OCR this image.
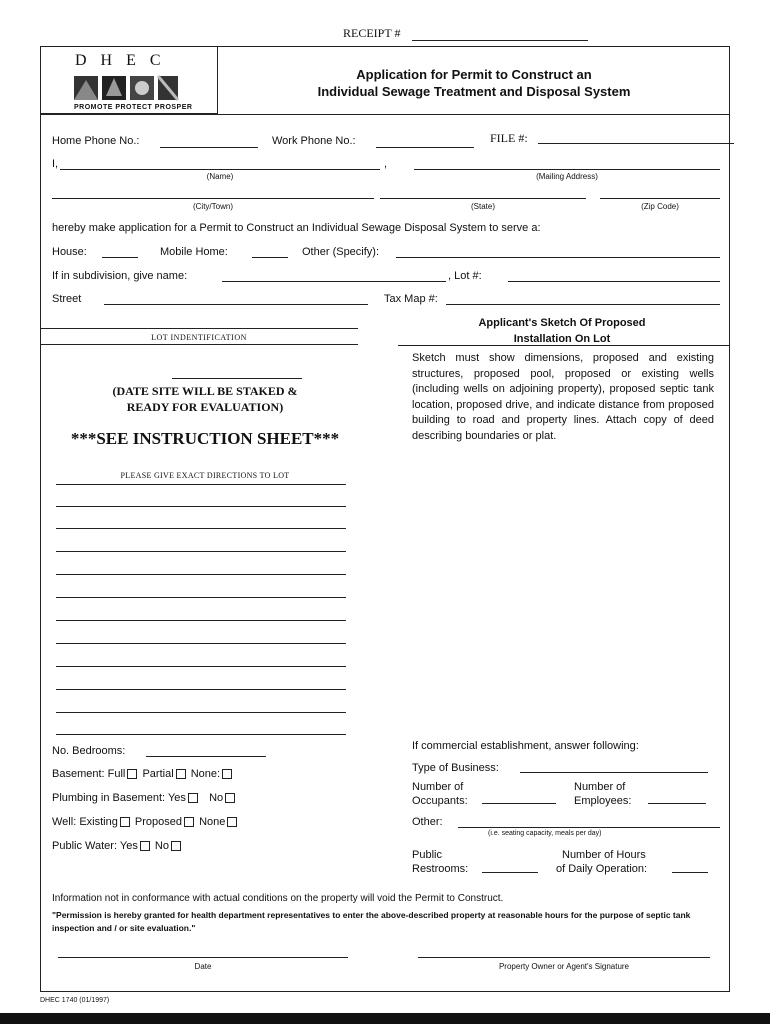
RECEIPT #
D H E C
PROMOTE PROTECT PROSPER
Application for Permit to Construct an
Individual Sewage Treatment and Disposal System
Home Phone No.:	Work Phone No.:	FILE #:
I,	,
(Name)	(Mailing Address)
(City/Town)	(State)	(Zip Code)
hereby make application for a Permit to Construct an Individual Sewage Disposal System to serve a:
House:	Mobile Home:	Other (Specify):
If in subdivision, give name:	, Lot #:
Street	Tax Map #:
LOT INDENTIFICATION
(DATE SITE WILL BE STAKED &
READY FOR EVALUATION)
***SEE INSTRUCTION SHEET***
PLEASE GIVE EXACT DIRECTIONS TO LOT
Applicant's Sketch Of Proposed
Installation On Lot
Sketch must show dimensions, proposed and existing structures, proposed pool, proposed or existing wells (including wells on adjoining property), proposed septic tank location, proposed drive, and indicate distance from proposed building to road and property lines. Attach copy of deed describing boundaries or plat.
No. Bedrooms:
Basement: Full Partial None:
Plumbing in Basement: Yes No
Well: Existing Proposed None
Public Water: Yes No
If commercial establishment, answer following:
Type of Business:
Number of
Occupants:
Number of
Employees:
Other:
(i.e. seating capacity, meals per day)
Public
Restrooms:
Number of Hours
of Daily Operation:
Information not in conformance with actual conditions on the property will void the Permit to Construct.
"Permission is hereby granted for health department representatives to enter the above-described property at reasonable hours for the purpose of septic tank inspection and / or site evaluation."
Date	Property Owner or Agent's Signature
DHEC 1740 (01/1997)
